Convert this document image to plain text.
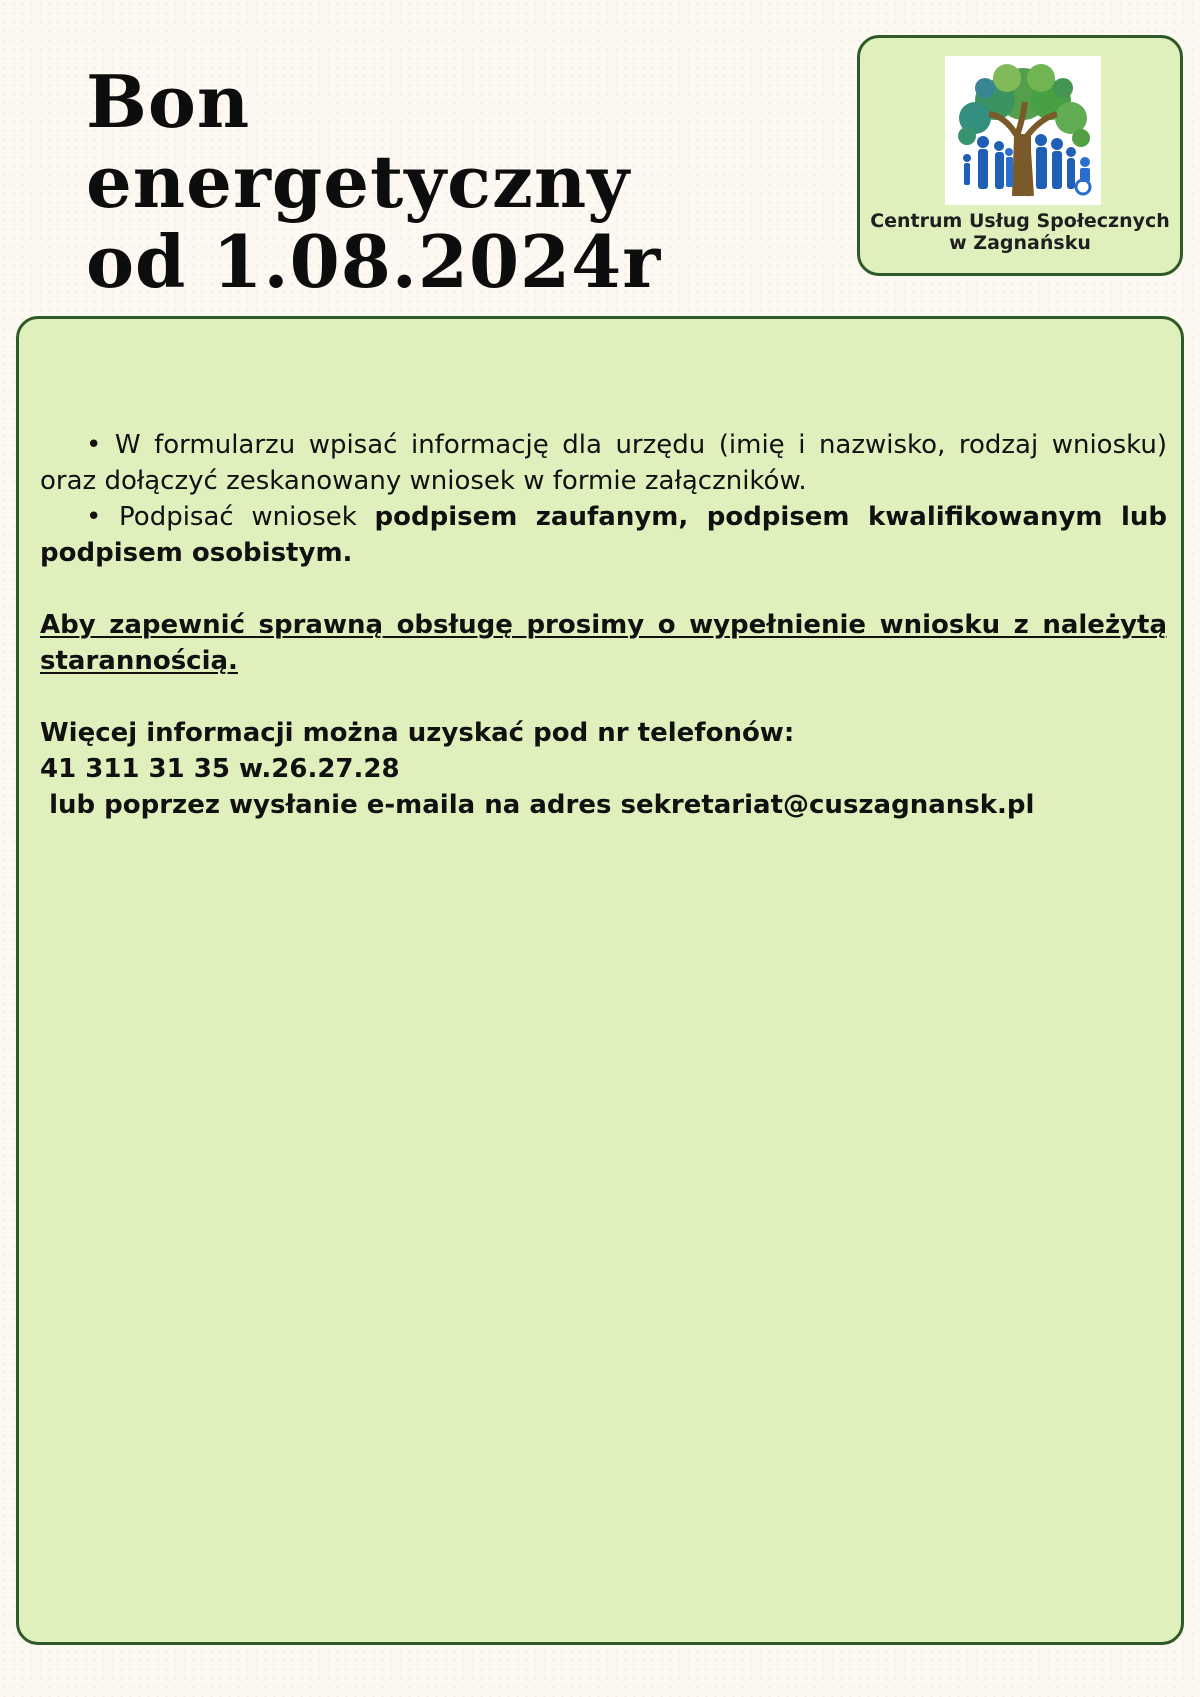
Bon
energetyczny
od 1.08.2024r	Centrum Usług Społecznych
w Zagnańsku

• W formularzu wpisać informację dla urzędu (imię i nazwisko, rodzaj wniosku) oraz dołączyć zeskanowany wniosek w formie załączników.

• Podpisać wniosek podpisem zaufanym, podpisem kwalifikowanym lub podpisem osobistym.

Aby zapewnić sprawną obsługę prosimy o wypełnienie wniosku z należytą starannością.

Więcej informacji można uzyskać pod nr telefonów:

41 311 31 35 w.26.27.28

lub poprzez wysłanie e-maila na adres sekretariat@cuszagnansk.pl
